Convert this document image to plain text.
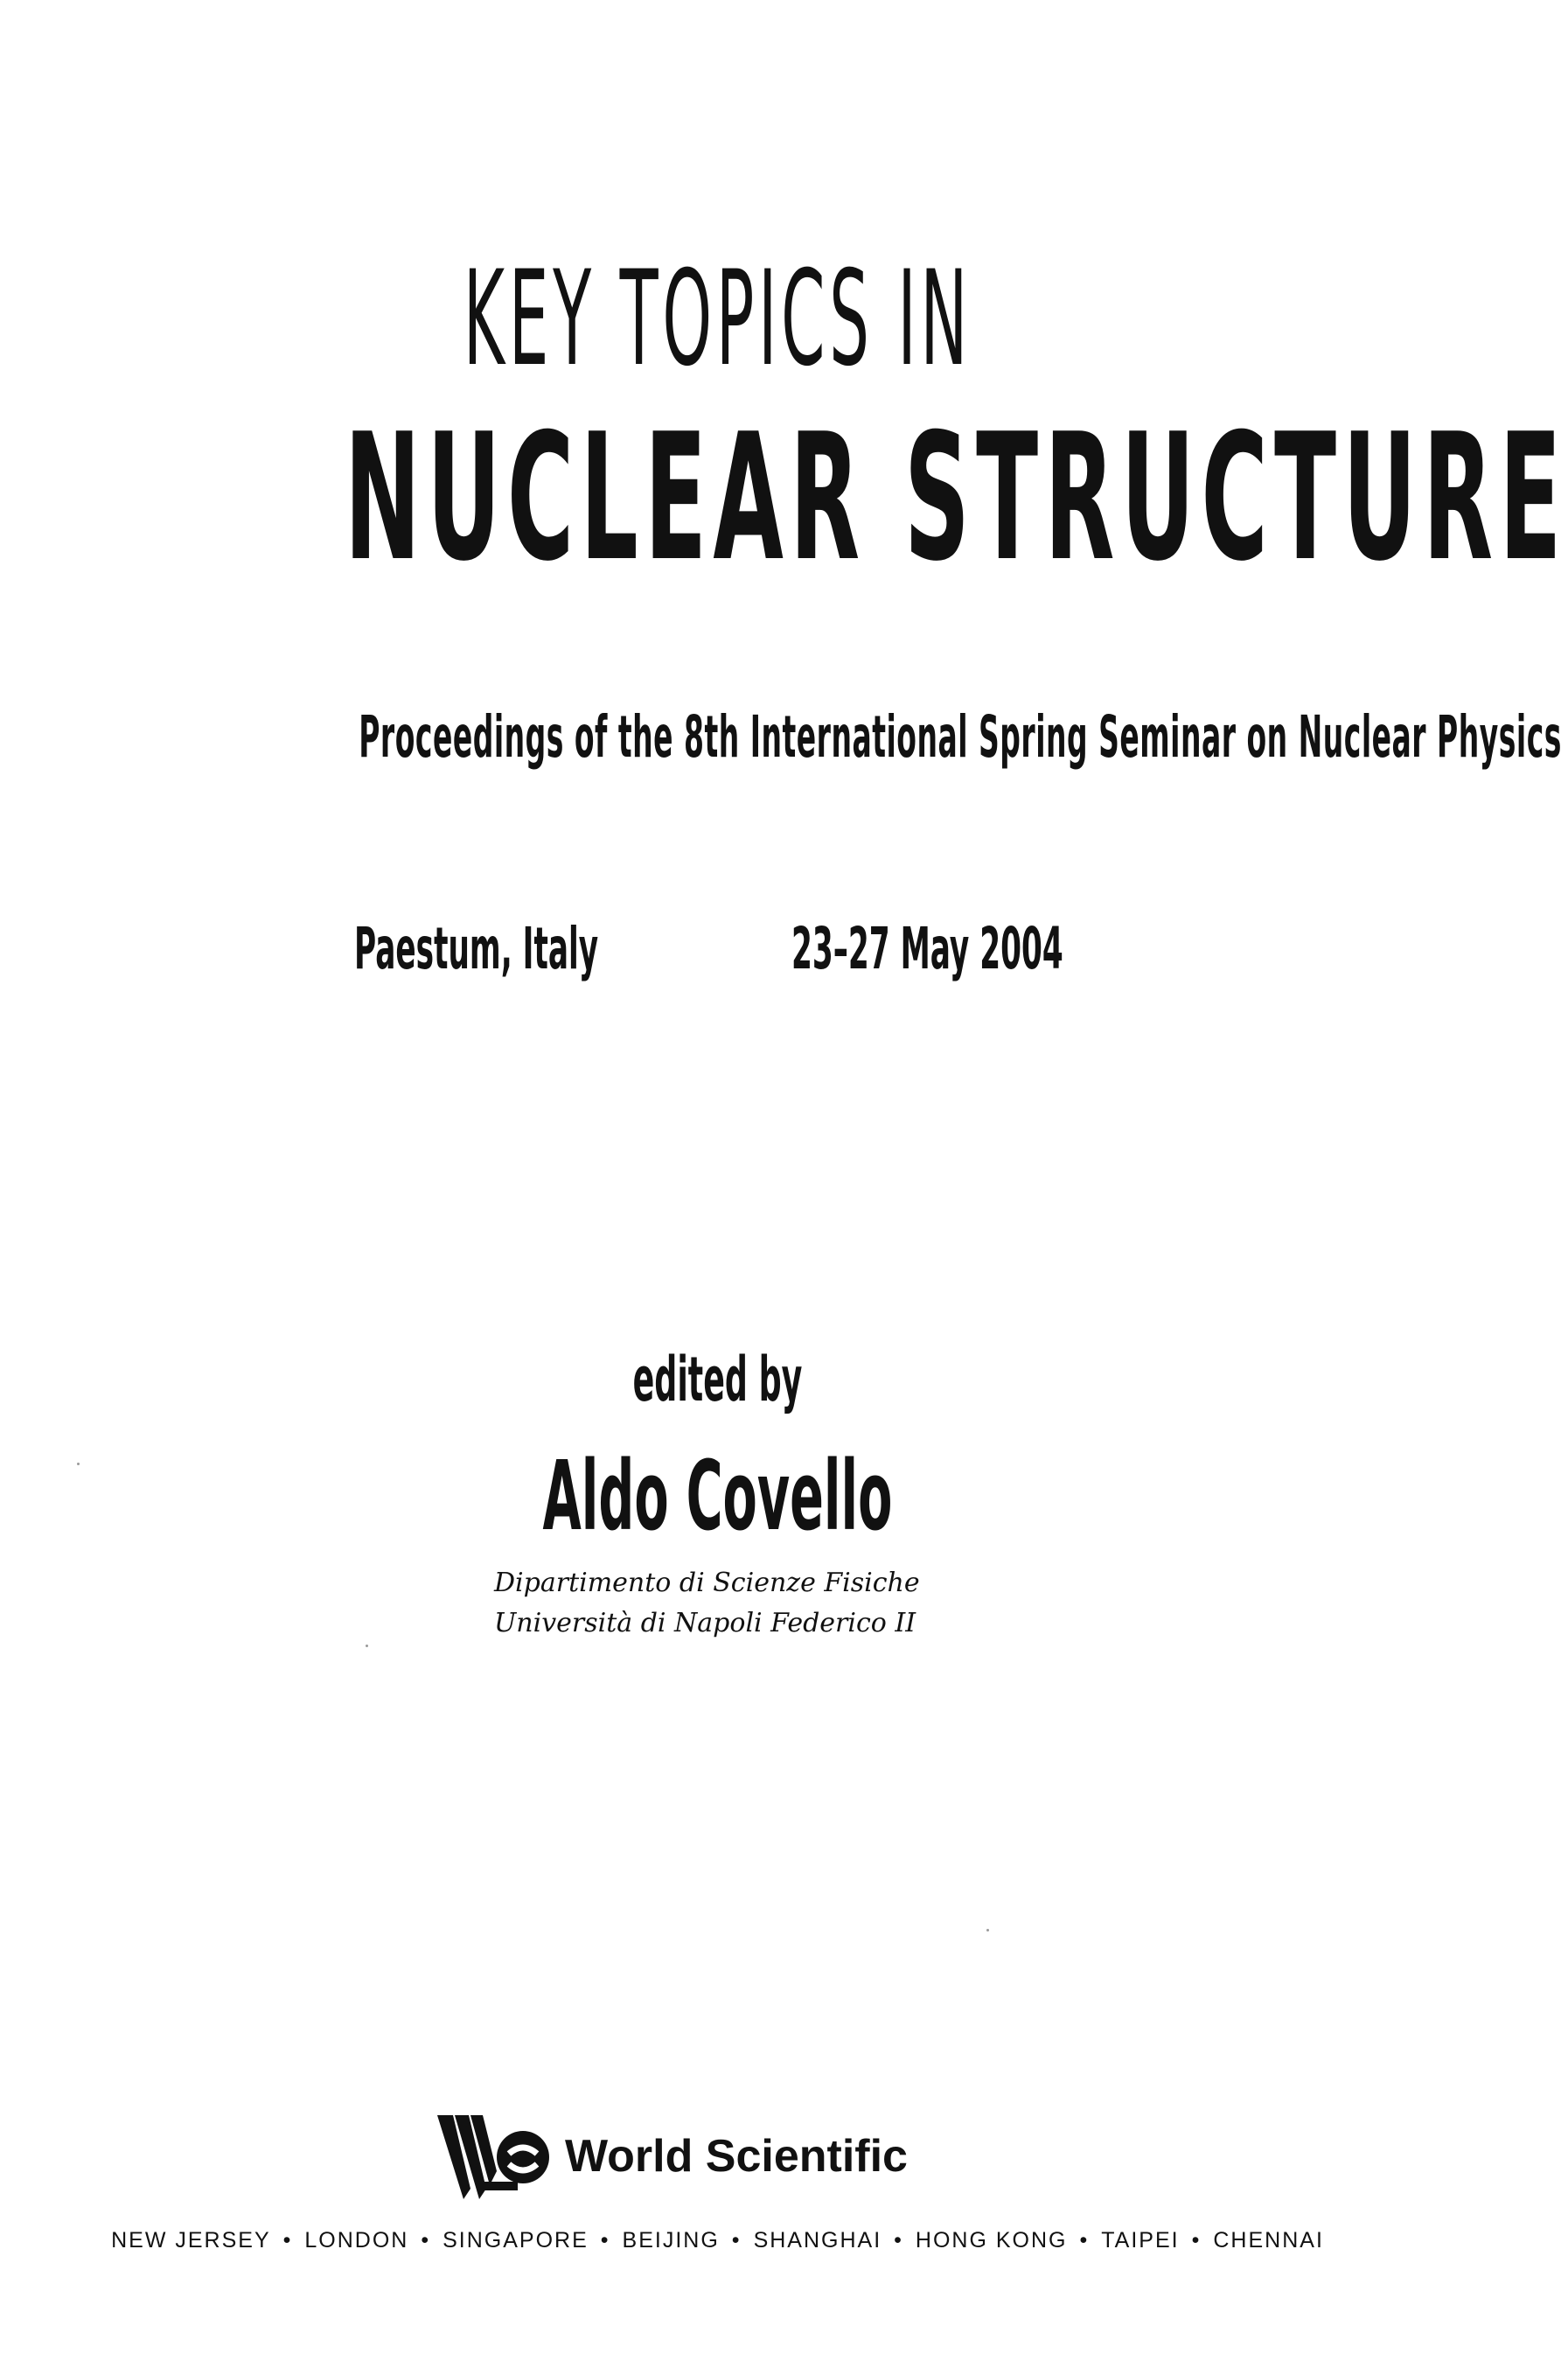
KEY TOPICS IN
NUCLEAR STRUCTURE
Proceedings of the 8th International Spring Seminar on Nuclear Physics
Paestum, Italy	23–27 May 2004
edited by
Aldo Covello
Dipartimento di Scienze Fisiche
Università di Napoli Federico II
World Scientific
NEW JERSEY • LONDON • SINGAPORE • BEIJING • SHANGHAI • HONG KONG • TAIPEI • CHENNAI
